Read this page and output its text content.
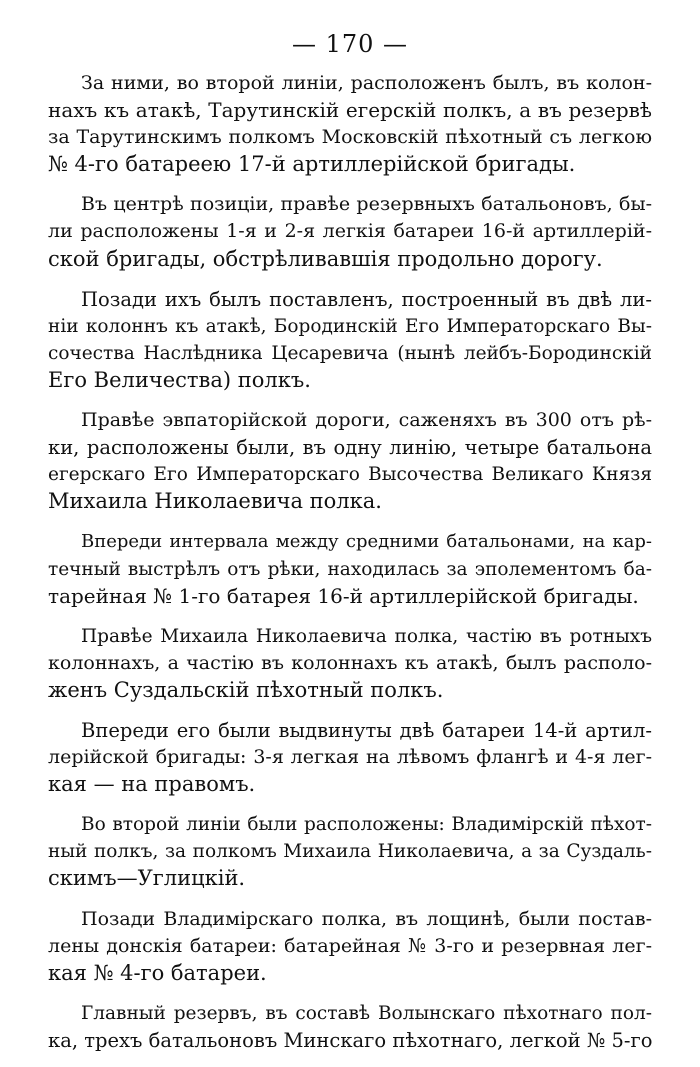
— 170 —
За ними, во второй линіи, расположенъ былъ, въ колон-
нахъ къ атакѣ, Тарутинскій егерскій полкъ, а въ резервѣ
за Тарутинскимъ полкомъ Московскій пѣхотный съ легкою
№ 4-го батареею 17-й артиллерійской бригады.
Въ центрѣ позиціи, правѣе резервныхъ батальоновъ, бы-
ли расположены 1-я и 2-я легкія батареи 16-й артиллерій-
ской бригады, обстрѣливавшія продольно дорогу.
Позади ихъ былъ поставленъ, построенный въ двѣ ли-
ніи колоннъ къ атакѣ, Бородинскій Его Императорскаго Вы-
сочества Наслѣдника Цесаревича (нынѣ лейбъ-Бородинскій
Его Величества) полкъ.
Правѣе эвпаторійской дороги, саженяхъ въ 300 отъ рѣ-
ки, расположены были, въ одну линію, четыре батальона
егерскаго Его Императорскаго Высочества Великаго Князя
Михаила Николаевича полка.
Впереди интервала между средними батальонами, на кар-
течный выстрѣлъ отъ рѣки, находилась за эполементомъ ба-
тарейная № 1-го батарея 16-й артиллерійской бригады.
Правѣе Михаила Николаевича полка, частію въ ротныхъ
колоннахъ, а частію въ колоннахъ къ атакѣ, былъ располо-
женъ Суздальскій пѣхотный полкъ.
Впереди его были выдвинуты двѣ батареи 14-й артил-
лерійской бригады: 3-я легкая на лѣвомъ флангѣ и 4-я лег-
кая — на правомъ.
Во второй линіи были расположены: Владимірскій пѣхот-
ный полкъ, за полкомъ Михаила Николаевича, а за Суздаль-
скимъ—Углицкій.
Позади Владимірскаго полка, въ лощинѣ, были постав-
лены донскія батареи: батарейная № 3-го и резервная лег-
кая № 4-го батареи.
Главный резервъ, въ составѣ Волынскаго пѣхотнаго пол-
ка, трехъ батальоновъ Минскаго пѣхотнаго, легкой № 5-го
